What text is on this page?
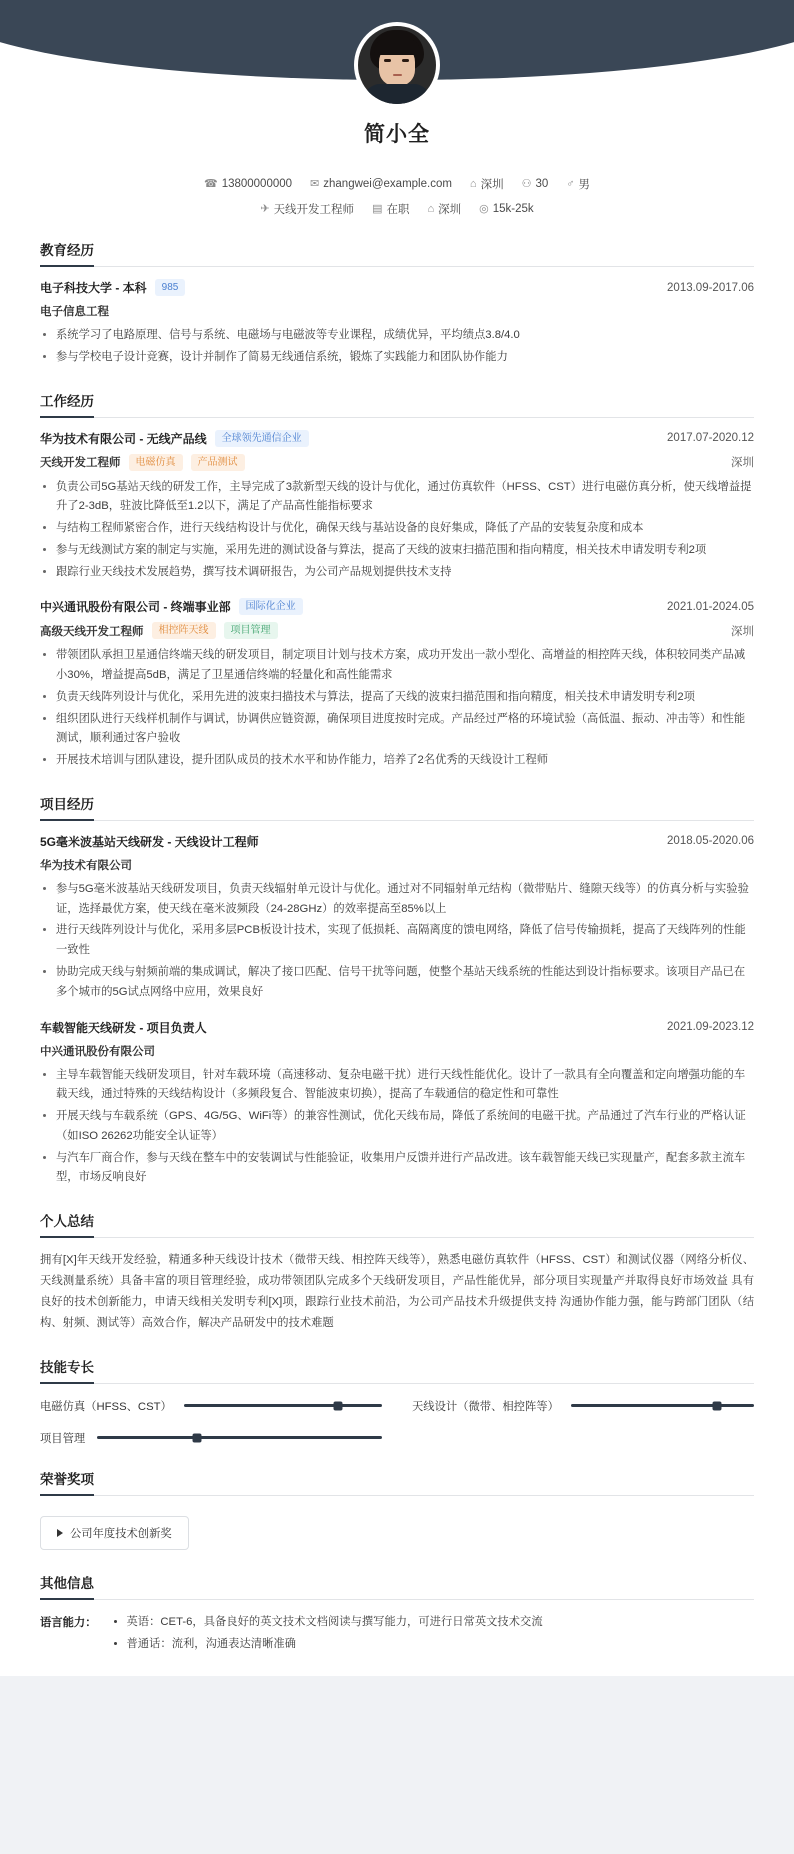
简小全
☎ 13800000000 ✉ zhangwei@example.com ⌂ 深圳 ⚇ 30 ♂ 男
✈ 天线开发工程师 ▤ 在职 ⌂ 深圳 ◎ 15k-25k
教育经历
电子科技大学 - 本科	985	2013.09-2017.06
电子信息工程
• 系统学习了电路原理、信号与系统、电磁场与电磁波等专业课程，成绩优异，平均绩点3.8/4.0
• 参与学校电子设计竞赛，设计并制作了简易无线通信系统，锻炼了实践能力和团队协作能力
工作经历
华为技术有限公司 - 无线产品线	全球领先通信企业	2017.07-2020.12
天线开发工程师	电磁仿真	产品测试	深圳
• 负责公司5G基站天线的研发工作，主导完成了3款新型天线的设计与优化，通过仿真软件（HFSS、CST）进行电磁仿真分析，使天线增益提升了2-3dB，驻波比降低至1.2以下，满足了产品高性能指标要求
• 与结构工程师紧密合作，进行天线结构设计与优化，确保天线与基站设备的良好集成，降低了产品的安装复杂度和成本
• 参与无线测试方案的制定与实施，采用先进的测试设备与算法，提高了天线的波束扫描范围和指向精度，相关技术申请发明专利2项
• 跟踪行业天线技术发展趋势，撰写技术调研报告，为公司产品规划提供技术支持
中兴通讯股份有限公司 - 终端事业部	国际化企业	2021.01-2024.05
高级天线开发工程师	相控阵天线	项目管理	深圳
• 带领团队承担卫星通信终端天线的研发项目，制定项目计划与技术方案，成功开发出一款小型化、高增益的相控阵天线，体积较同类产品减小30%，增益提高5dB，满足了卫星通信终端的轻量化和高性能需求
• 负责天线阵列设计与优化，采用先进的波束扫描技术与算法，提高了天线的波束扫描范围和指向精度，相关技术申请发明专利2项
• 组织团队进行天线样机制作与调试，协调供应链资源，确保项目进度按时完成。产品经过严格的环境试验（高低温、振动、冲击等）和性能测试，顺利通过客户验收
• 开展技术培训与团队建设，提升团队成员的技术水平和协作能力，培养了2名优秀的天线设计工程师
项目经历
5G毫米波基站天线研发 - 天线设计工程师	2018.05-2020.06
华为技术有限公司
• 参与5G毫米波基站天线研发项目，负责天线辐射单元设计与优化。通过对不同辐射单元结构（微带贴片、缝隙天线等）的仿真分析与实验验证，选择最优方案，使天线在毫米波频段（24-28GHz）的效率提高至85%以上
• 进行天线阵列设计与优化，采用多层PCB板设计技术，实现了低损耗、高隔离度的馈电网络，降低了信号传输损耗，提高了天线阵列的性能一致性
• 协助完成天线与射频前端的集成调试，解决了接口匹配、信号干扰等问题，使整个基站天线系统的性能达到设计指标要求。该项目产品已在多个城市的5G试点网络中应用，效果良好
车载智能天线研发 - 项目负责人	2021.09-2023.12
中兴通讯股份有限公司
• 主导车载智能天线研发项目，针对车载环境（高速移动、复杂电磁干扰）进行天线性能优化。设计了一款具有全向覆盖和定向增强功能的车载天线，通过特殊的天线结构设计（多频段复合、智能波束切换），提高了车载通信的稳定性和可靠性
• 开展天线与车载系统（GPS、4G/5G、WiFi等）的兼容性测试，优化天线布局，降低了系统间的电磁干扰。产品通过了汽车行业的严格认证（如ISO 26262功能安全认证等）
• 与汽车厂商合作，参与天线在整车中的安装调试与性能验证，收集用户反馈并进行产品改进。该车载智能天线已实现量产，配套多款主流车型，市场反响良好
个人总结
拥有[X]年天线开发经验，精通多种天线设计技术（微带天线、相控阵天线等），熟悉电磁仿真软件（HFSS、CST）和测试仪器（网络分析仪、天线测量系统）具备丰富的项目管理经验，成功带领团队完成多个天线研发项目，产品性能优异，部分项目实现量产并取得良好市场效益 具有良好的技术创新能力，申请天线相关发明专利[X]项，跟踪行业技术前沿，为公司产品技术升级提供支持 沟通协作能力强，能与跨部门团队（结构、射频、测试等）高效合作，解决产品研发中的技术难题
技能专长
电磁仿真（HFSS、CST）	天线设计（微带、相控阵等）
项目管理
荣誉奖项
公司年度技术创新奖
其他信息
语言能力：	• 英语：CET-6，具备良好的英文技术文档阅读与撰写能力，可进行日常英文技术交流
• 普通话：流利，沟通表达清晰准确
